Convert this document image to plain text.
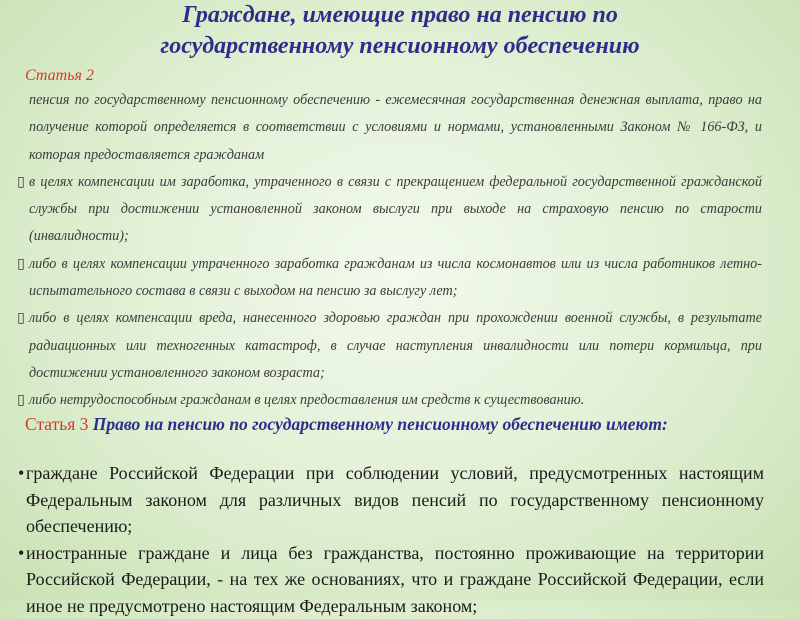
Граждане, имеющие право на пенсию по
государственному пенсионному обеспечению
Статья 2

пенсия по государственному пенсионному обеспечению - ежемесячная государственная денежная выплата, право на получение которой определяется в соответствии с условиями и нормами, установленными Законом № 166-ФЗ, и которая предоставляется гражданам

▯ в целях компенсации им заработка, утраченного в связи с прекращением федеральной государственной гражданской службы при достижении установленной законом выслуги при выходе на страховую пенсию по старости (инвалидности);

▯ либо в целях компенсации утраченного заработка гражданам из числа космонавтов или из числа работников летно-испытательного состава в связи с выходом на пенсию за выслугу лет;

▯ либо в целях компенсации вреда, нанесенного здоровью граждан при прохождении военной службы, в результате радиационных или техногенных катастроф, в случае наступления инвалидности или потери кормильца, при достижении установленного законом возраста;

▯ либо нетрудоспособным гражданам в целях предоставления им средств к существованию.

Статья 3 Право на пенсию по государственному пенсионному обеспечению имеют:

• граждане Российской Федерации при соблюдении условий, предусмотренных настоящим Федеральным законом для различных видов пенсий по государственному пенсионному обеспечению;

• иностранные граждане и лица без гражданства, постоянно проживающие на территории Российской Федерации, - на тех же основаниях, что и граждане Российской Федерации, если иное не предусмотрено настоящим Федеральным законом;
